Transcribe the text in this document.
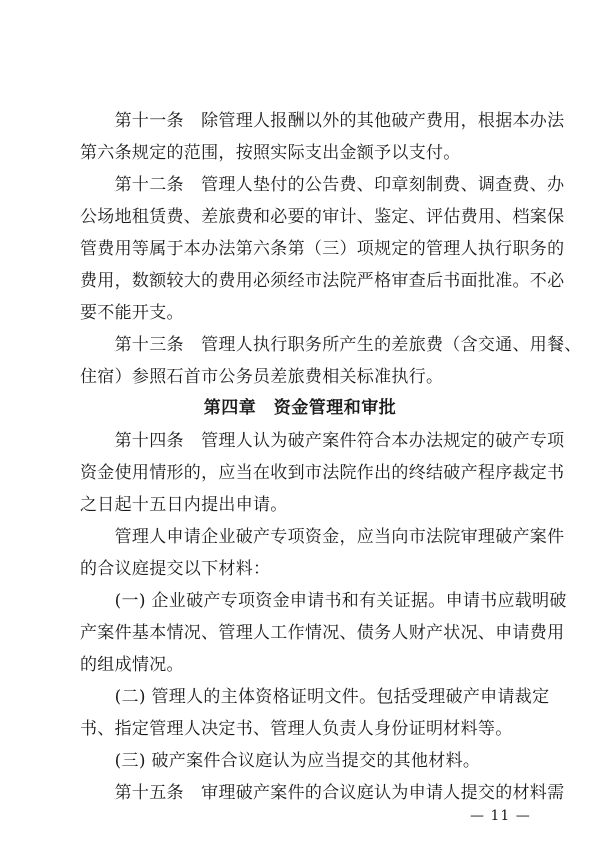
　　第十一条　除管理人报酬以外的其他破产费用，根据本办法
第六条规定的范围，按照实际支出金额予以支付。
　　第十二条　管理人垫付的公告费、印章刻制费、调查费、办
公场地租赁费、差旅费和必要的审计、鉴定、评估费用、档案保
管费用等属于本办法第六条第（三）项规定的管理人执行职务的
费用，数额较大的费用必须经市法院严格审查后书面批准。不必
要不能开支。
　　第十三条　管理人执行职务所产生的差旅费（含交通、用餐、
住宿）参照石首市公务员差旅费相关标准执行。
第四章　资金管理和审批
　　第十四条　管理人认为破产案件符合本办法规定的破产专项
资金使用情形的，应当在收到市法院作出的终结破产程序裁定书
之日起十五日内提出申请。
　　管理人申请企业破产专项资金，应当向市法院审理破产案件
的合议庭提交以下材料：
　　(一) 企业破产专项资金申请书和有关证据。申请书应载明破
产案件基本情况、管理人工作情况、债务人财产状况、申请费用
的组成情况。
　　(二) 管理人的主体资格证明文件。包括受理破产申请裁定
书、指定管理人决定书、管理人负责人身份证明材料等。
　　(三) 破产案件合议庭认为应当提交的其他材料。
　　第十五条　审理破产案件的合议庭认为申请人提交的材料需
— 11 —
